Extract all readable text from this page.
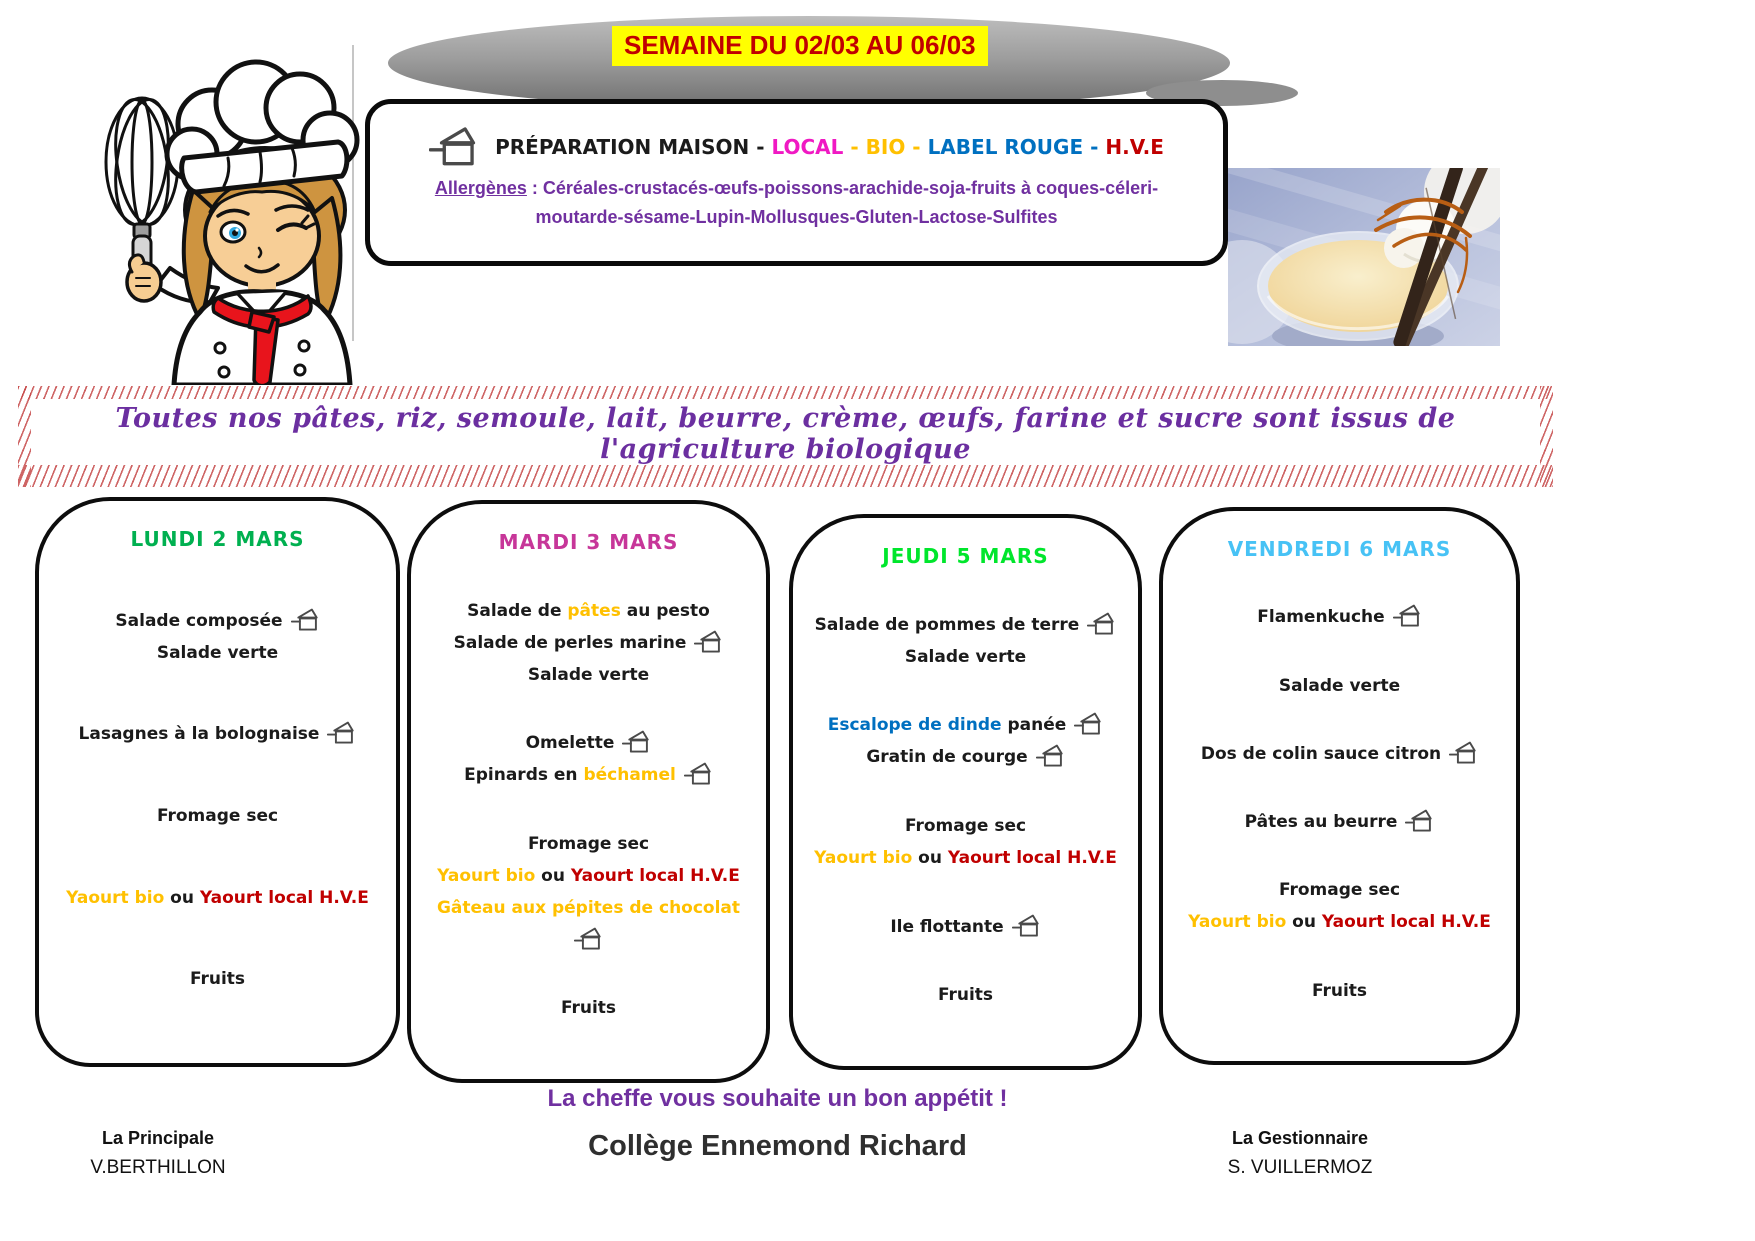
SEMAINE DU 02/03 AU 06/03
PRÉPARATION MAISON - LOCAL - BIO - LABEL ROUGE - H.V.E
Allergènes : Céréales-crustacés-œufs-poissons-arachide-soja-fruits à coques-céleri-
moutarde-sésame-Lupin-Mollusques-Gluten-Lactose-Sulfites
Toutes nos pâtes, riz, semoule, lait, beurre, crème, œufs, farine et sucre sont issus de l'agriculture biologique
LUNDI 2 MARS
Salade composée
Salade verte
Lasagnes à la bolognaise
Fromage sec
Yaourt bio ou Yaourt local H.V.E
Fruits
MARDI 3 MARS
Salade de pâtes au pesto
Salade de perles marine
Salade verte
Omelette
Epinards en béchamel
Fromage sec
Yaourt bio ou Yaourt local H.V.E
Gâteau aux pépites de chocolat
Fruits
JEUDI 5 MARS
Salade de pommes de terre
Salade verte
Escalope de dinde panée
Gratin de courge
Fromage sec
Yaourt bio ou Yaourt local H.V.E
Ile flottante
Fruits
VENDREDI 6 MARS
Flamenkuche
Salade verte
Dos de colin sauce citron
Pâtes au beurre
Fromage sec
Yaourt bio ou Yaourt local H.V.E
Fruits
La cheffe vous souhaite un bon appétit !
Collège Ennemond Richard
La Principale
V.BERTHILLON
La Gestionnaire
S. VUILLERMOZ
